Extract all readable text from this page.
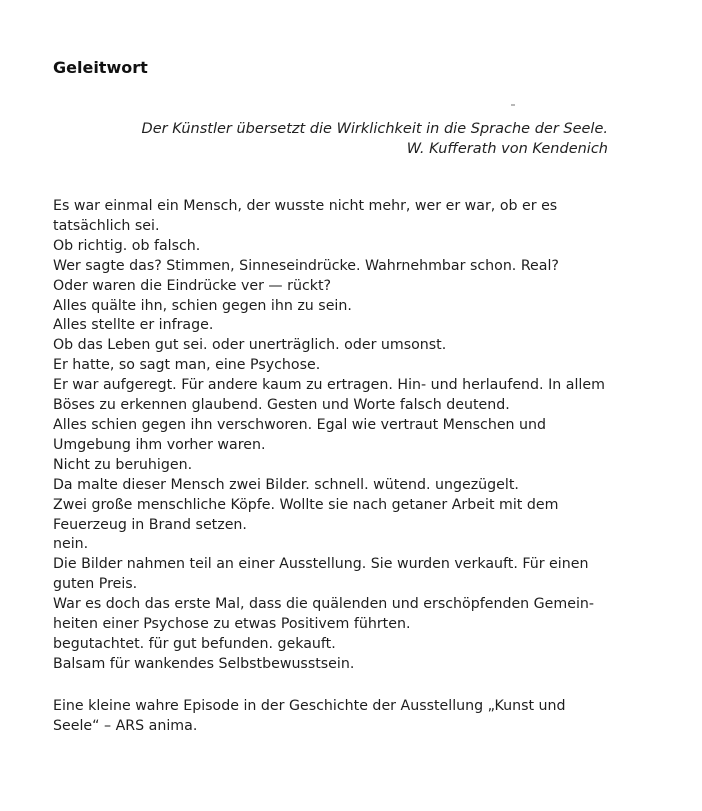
Geleitwort
Der Künstler übersetzt die Wirklichkeit in die Sprache der Seele.
W. Kufferath von Kendenich
Es war einmal ein Mensch, der wusste nicht mehr, wer er war, ob er es
tatsächlich sei.
Ob richtig. ob falsch.
Wer sagte das? Stimmen, Sinneseindrücke. Wahrnehmbar schon. Real?
Oder waren die Eindrücke ver — rückt?
Alles quälte ihn, schien gegen ihn zu sein.
Alles stellte er infrage.
Ob das Leben gut sei. oder unerträglich. oder umsonst.
Er hatte, so sagt man, eine Psychose.
Er war aufgeregt. Für andere kaum zu ertragen. Hin- und herlaufend. In allem
Böses zu erkennen glaubend. Gesten und Worte falsch deutend.
Alles schien gegen ihn verschworen. Egal wie vertraut Menschen und
Umgebung ihm vorher waren.
Nicht zu beruhigen.
Da malte dieser Mensch zwei Bilder. schnell. wütend. ungezügelt.
Zwei große menschliche Köpfe. Wollte sie nach getaner Arbeit mit dem
Feuerzeug in Brand setzen.
nein.
Die Bilder nahmen teil an einer Ausstellung. Sie wurden verkauft. Für einen
guten Preis.
War es doch das erste Mal, dass die quälenden und erschöpfenden Gemein-
heiten einer Psychose zu etwas Positivem führten.
begutachtet. für gut befunden. gekauft.
Balsam für wankendes Selbstbewusstsein.
Eine kleine wahre Episode in der Geschichte der Ausstellung „Kunst und
Seele“ – ARS anima.
